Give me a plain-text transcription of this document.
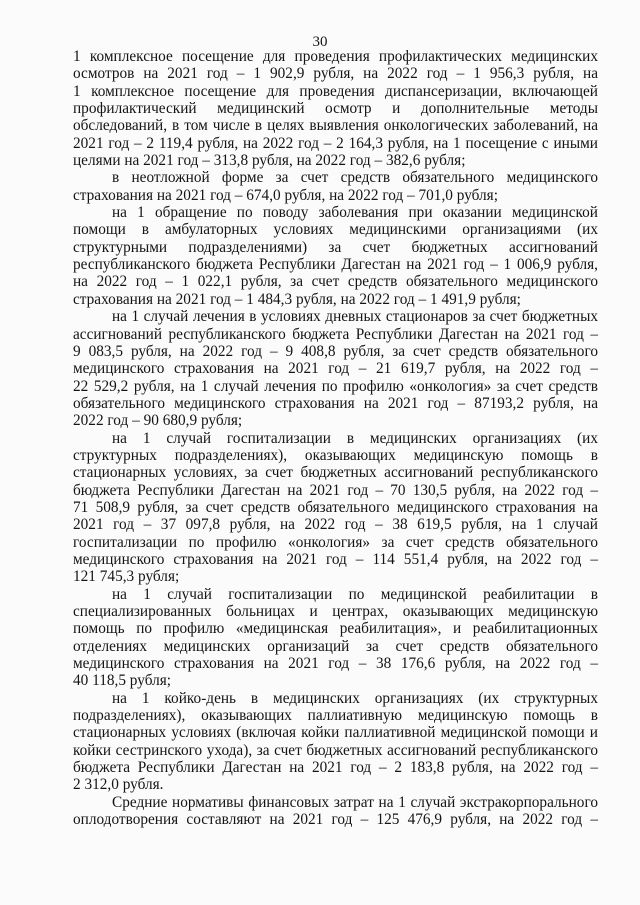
30
1 комплексное посещение для проведения профилактических медицинских
осмотров на 2021 год – 1 902,9 рубля, на 2022 год – 1 956,3 рубля, на
1 комплексное посещение для проведения диспансеризации, включающей
профилактический медицинский осмотр и дополнительные методы
обследований, в том числе в целях выявления онкологических заболеваний, на
2021 год – 2 119,4 рубля, на 2022 год – 2 164,3 рубля, на 1 посещение с иными
целями на 2021 год – 313,8 рубля, на 2022 год – 382,6 рубля;
в неотложной форме за счет средств обязательного медицинского
страхования на 2021 год – 674,0 рубля, на 2022 год – 701,0 рубля;
на 1 обращение по поводу заболевания при оказании медицинской
помощи в амбулаторных условиях медицинскими организациями (их
структурными подразделениями) за счет бюджетных ассигнований
республиканского бюджета Республики Дагестан на 2021 год – 1 006,9 рубля,
на 2022 год – 1 022,1 рубля, за счет средств обязательного медицинского
страхования на 2021 год – 1 484,3 рубля, на 2022 год – 1 491,9 рубля;
на 1 случай лечения в условиях дневных стационаров за счет бюджетных
ассигнований республиканского бюджета Республики Дагестан на 2021 год –
9 083,5 рубля, на 2022 год – 9 408,8 рубля, за счет средств обязательного
медицинского страхования на 2021 год – 21 619,7 рубля, на 2022 год –
22 529,2 рубля, на 1 случай лечения по профилю «онкология» за счет средств
обязательного медицинского страхования на 2021 год – 87193,2 рубля, на
2022 год – 90 680,9 рубля;
на 1 случай госпитализации в медицинских организациях (их
структурных подразделениях), оказывающих медицинскую помощь в
стационарных условиях, за счет бюджетных ассигнований республиканского
бюджета Республики Дагестан на 2021 год – 70 130,5 рубля, на 2022 год –
71 508,9 рубля, за счет средств обязательного медицинского страхования на
2021 год – 37 097,8 рубля, на 2022 год – 38 619,5 рубля, на 1 случай
госпитализации по профилю «онкология» за счет средств обязательного
медицинского страхования на 2021 год – 114 551,4 рубля, на 2022 год –
121 745,3 рубля;
на 1 случай госпитализации по медицинской реабилитации в
специализированных больницах и центрах, оказывающих медицинскую
помощь по профилю «медицинская реабилитация», и реабилитационных
отделениях медицинских организаций за счет средств обязательного
медицинского страхования на 2021 год – 38 176,6 рубля, на 2022 год –
40 118,5 рубля;
на 1 койко-день в медицинских организациях (их структурных
подразделениях), оказывающих паллиативную медицинскую помощь в
стационарных условиях (включая койки паллиативной медицинской помощи и
койки сестринского ухода), за счет бюджетных ассигнований республиканского
бюджета Республики Дагестан на 2021 год – 2 183,8 рубля, на 2022 год –
2 312,0 рубля.
Средние нормативы финансовых затрат на 1 случай экстракорпорального
оплодотворения составляют на 2021 год – 125 476,9 рубля, на 2022 год –
